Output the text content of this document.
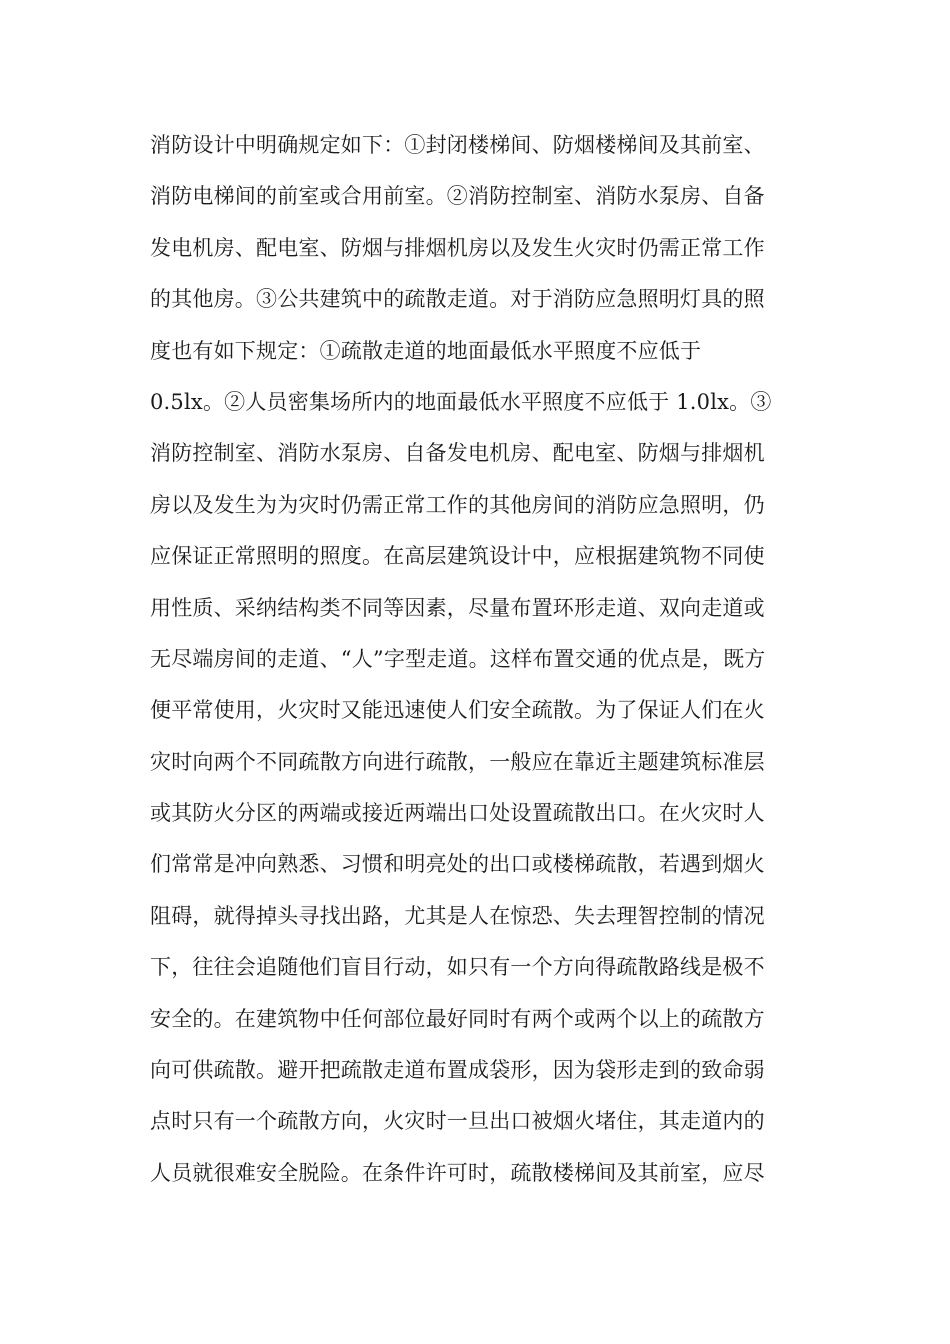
消防设计中明确规定如下：①封闭楼梯间、防烟楼梯间及其前室、
消防电梯间的前室或合用前室。②消防控制室、消防水泵房、自备
发电机房、配电室、防烟与排烟机房以及发生火灾时仍需正常工作
的其他房。③公共建筑中的疏散走道。对于消防应急照明灯具的照
度也有如下规定：①疏散走道的地面最低水平照度不应低于
0.5lx。②人员密集场所内的地面最低水平照度不应低于 1.0lx。③
消防控制室、消防水泵房、自备发电机房、配电室、防烟与排烟机
房以及发生为为灾时仍需正常工作的其他房间的消防应急照明，仍
应保证正常照明的照度。在高层建筑设计中，应根据建筑物不同使
用性质、采纳结构类不同等因素，尽量布置环形走道、双向走道或
无尽端房间的走道、“人”字型走道。这样布置交通的优点是，既方
便平常使用，火灾时又能迅速使人们安全疏散。为了保证人们在火
灾时向两个不同疏散方向进行疏散，一般应在靠近主题建筑标准层
或其防火分区的两端或接近两端出口处设置疏散出口。在火灾时人
们常常是冲向熟悉、习惯和明亮处的出口或楼梯疏散，若遇到烟火
阻碍，就得掉头寻找出路，尤其是人在惊恐、失去理智控制的情况
下，往往会追随他们盲目行动，如只有一个方向得疏散路线是极不
安全的。在建筑物中任何部位最好同时有两个或两个以上的疏散方
向可供疏散。避开把疏散走道布置成袋形，因为袋形走到的致命弱
点时只有一个疏散方向，火灾时一旦出口被烟火堵住，其走道内的
人员就很难安全脱险。在条件许可时，疏散楼梯间及其前室，应尽
